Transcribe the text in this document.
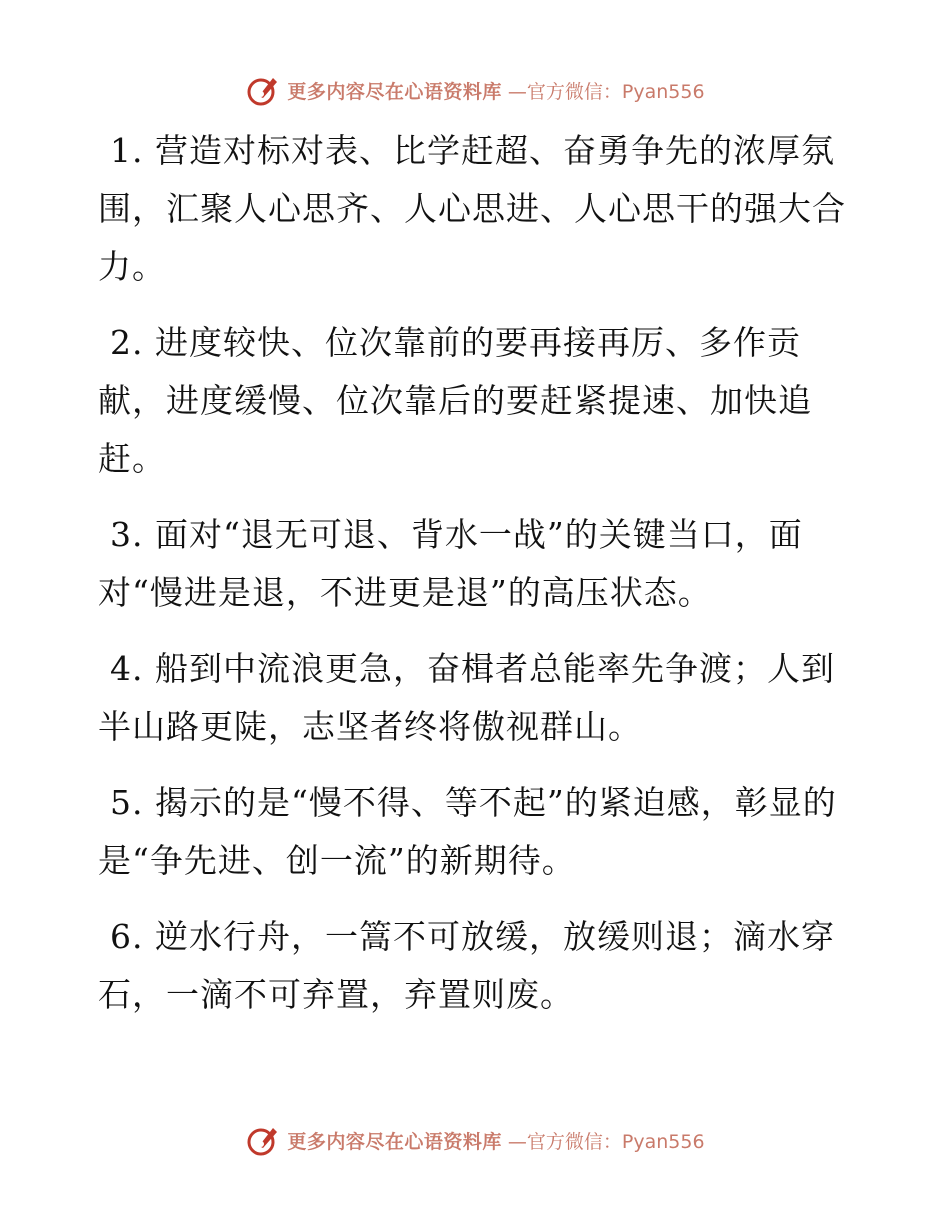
更多内容尽在心语资料库 —官方微信：Pyan556

1. 营造对标对表、比学赶超、奋勇争先的浓厚氛围，汇聚人心思齐、人心思进、人心思干的强大合力。

2. 进度较快、位次靠前的要再接再厉、多作贡献，进度缓慢、位次靠后的要赶紧提速、加快追赶。

3. 面对“退无可退、背水一战”的关键当口，面对“慢进是退，不进更是退”的高压状态。

4. 船到中流浪更急，奋楫者总能率先争渡；人到半山路更陡，志坚者终将傲视群山。

5. 揭示的是“慢不得、等不起”的紧迫感，彰显的是“争先进、创一流”的新期待。

6. 逆水行舟，一篙不可放缓，放缓则退；滴水穿石，一滴不可弃置，弃置则废。

更多内容尽在心语资料库 —官方微信：Pyan556
